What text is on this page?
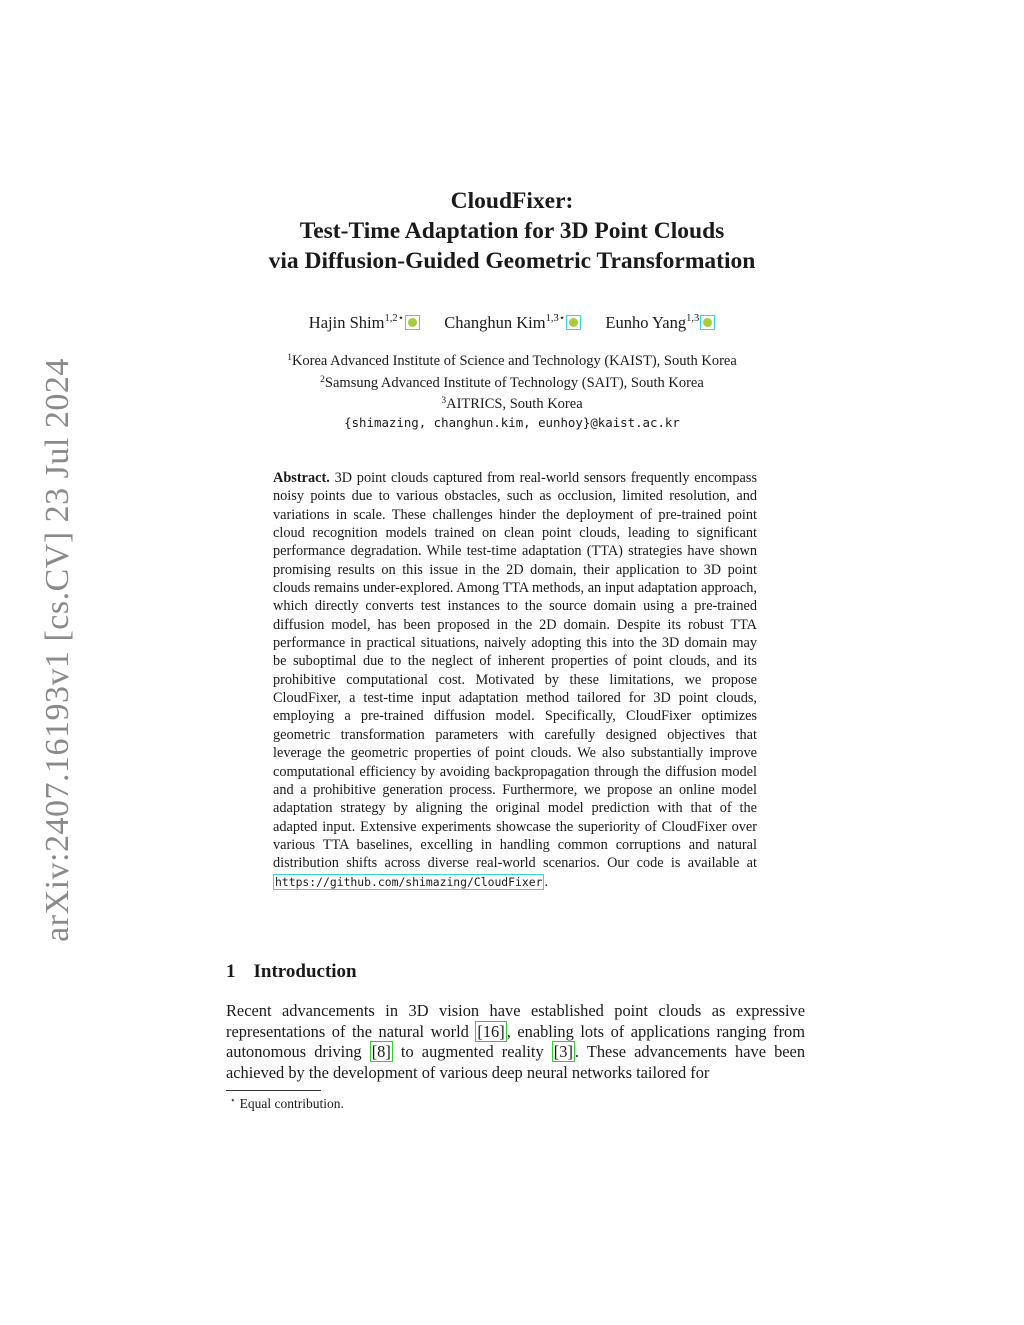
arXiv:2407.16193v1 [cs.CV] 23 Jul 2024
CloudFixer:
Test-Time Adaptation for 3D Point Clouds
via Diffusion-Guided Geometric Transformation
Hajin Shim$^{1,2⋆}$ Changhun Kim$^{1,3⋆}$ Eunho Yang$^{1,3}$
$^1$Korea Advanced Institute of Science and Technology (KAIST), South Korea
$^2$Samsung Advanced Institute of Technology (SAIT), South Korea
$^3$AITRICS, South Korea
{shimazing, changhun.kim, eunhoy}@kaist.ac.kr
Abstract. 3D point clouds captured from real-world sensors frequently encompass noisy points due to various obstacles, such as occlusion, limited resolution, and variations in scale. These challenges hinder the deployment of pre-trained point cloud recognition models trained on clean point clouds, leading to significant performance degradation. While test-time adaptation (TTA) strategies have shown promising results on this issue in the 2D domain, their application to 3D point clouds remains under-explored. Among TTA methods, an input adaptation approach, which directly converts test instances to the source domain using a pre-trained diffusion model, has been proposed in the 2D domain. Despite its robust TTA performance in practical situations, naively adopting this into the 3D domain may be suboptimal due to the neglect of inherent properties of point clouds, and its prohibitive computational cost. Motivated by these limitations, we propose CloudFixer, a test-time input adaptation method tailored for 3D point clouds, employing a pre-trained diffusion model. Specifically, CloudFixer optimizes geometric transformation parameters with carefully designed objectives that leverage the geometric properties of point clouds. We also substantially improve computational efficiency by avoiding backpropagation through the diffusion model and a prohibitive generation process. Furthermore, we propose an online model adaptation strategy by aligning the original model prediction with that of the adapted input. Extensive experiments showcase the superiority of CloudFixer over various TTA baselines, excelling in handling common corruptions and natural distribution shifts across diverse real-world scenarios. Our code is available at https://github.com/shimazing/CloudFixer .
1 Introduction
Recent advancements in 3D vision have established point clouds as expressive representations of the natural world [16] , enabling lots of applications ranging from autonomous driving [8] to augmented reality [3] . These advancements have been achieved by the development of various deep neural networks tailored for
⋆ Equal contribution.
